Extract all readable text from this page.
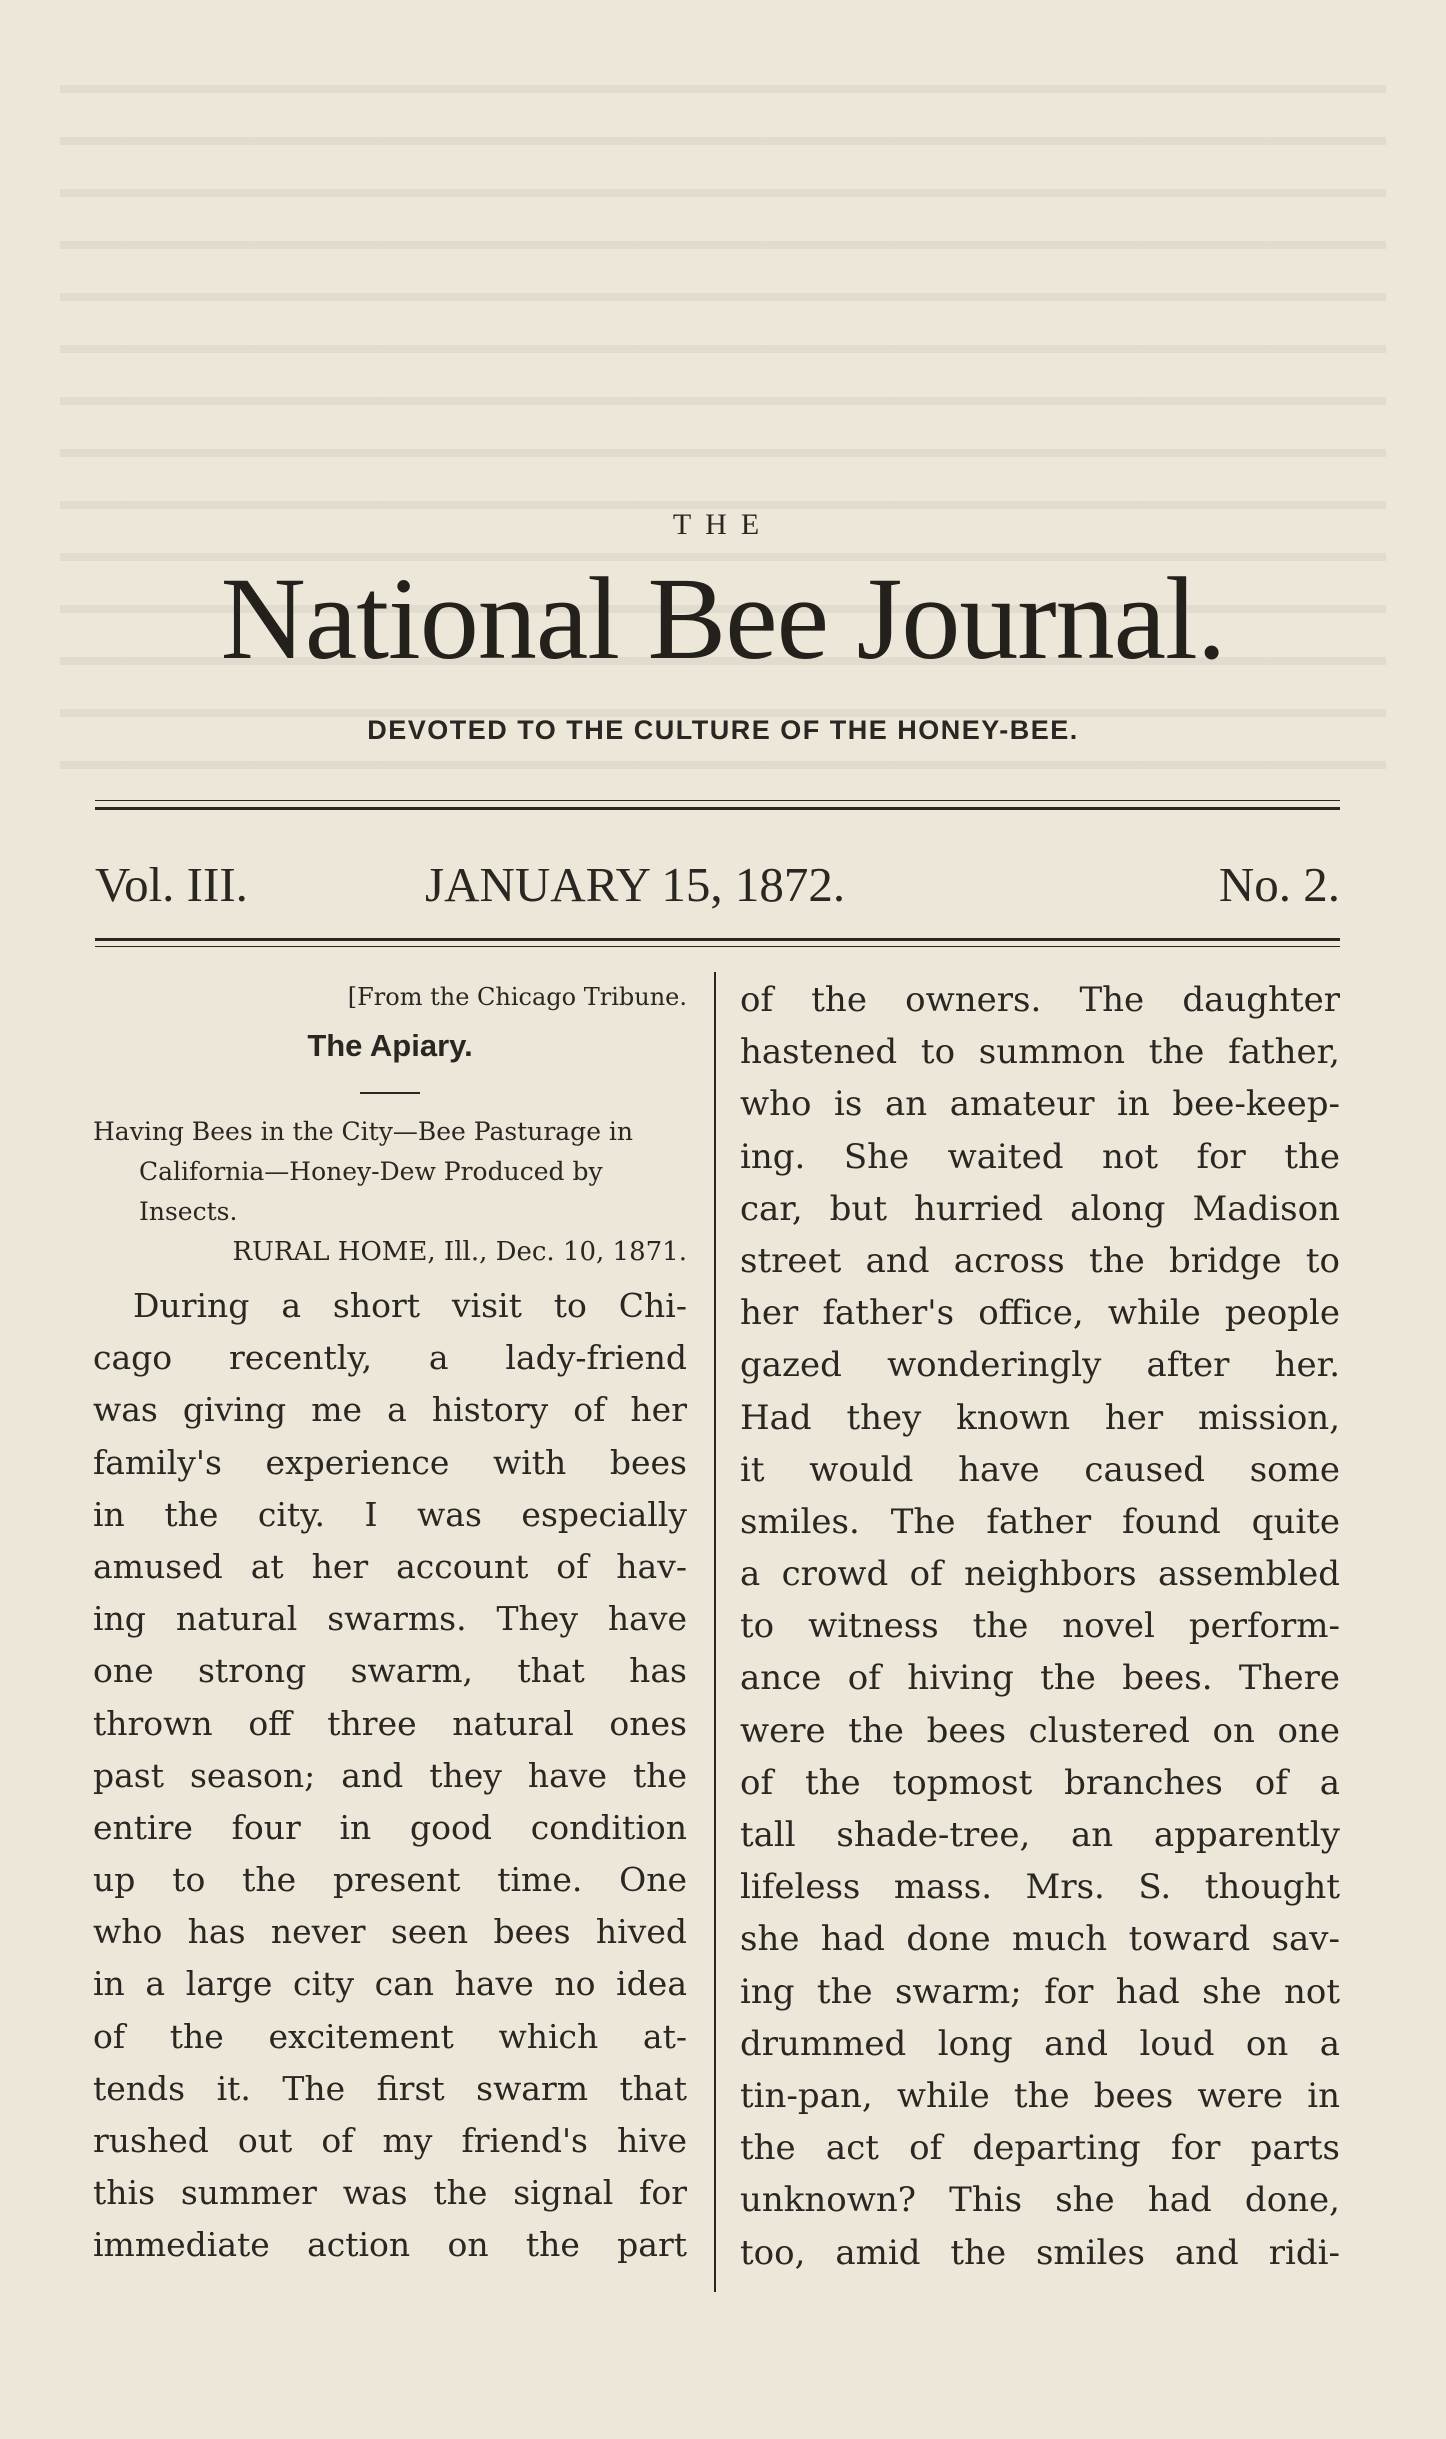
THE
National Bee Journal.
DEVOTED TO THE CULTURE OF THE HONEY-BEE.
Vol. III.	JANUARY 15, 1872.	No. 2.

[From the Chicago Tribune.

The Apiary.

Having Bees in the City—Bee Pasturage in California—Honey-Dew Produced by Insects.

RURAL HOME, Ill., Dec. 10, 1871.

During a short visit to Chi-

cago recently, a lady-friend

was giving me a history of her

family's experience with bees

in the city. I was especially

amused at her account of hav-

ing natural swarms. They have

one strong swarm, that has

thrown off three natural ones

past season; and they have the

entire four in good condition

up to the present time. One

who has never seen bees hived

in a large city can have no idea

of the excitement which at-

tends it. The first swarm that

rushed out of my friend's hive

this summer was the signal for

immediate action on the part

of the owners. The daughter

hastened to summon the father,

who is an amateur in bee-keep-

ing. She waited not for the

car, but hurried along Madison

street and across the bridge to

her father's office, while people

gazed wonderingly after her.

Had they known her mission,

it would have caused some

smiles. The father found quite

a crowd of neighbors assembled

to witness the novel perform-

ance of hiving the bees. There

were the bees clustered on one

of the topmost branches of a

tall shade-tree, an apparently

lifeless mass. Mrs. S. thought

she had done much toward sav-

ing the swarm; for had she not

drummed long and loud on a

tin-pan, while the bees were in

the act of departing for parts

unknown? This she had done,

too, amid the smiles and ridi-
